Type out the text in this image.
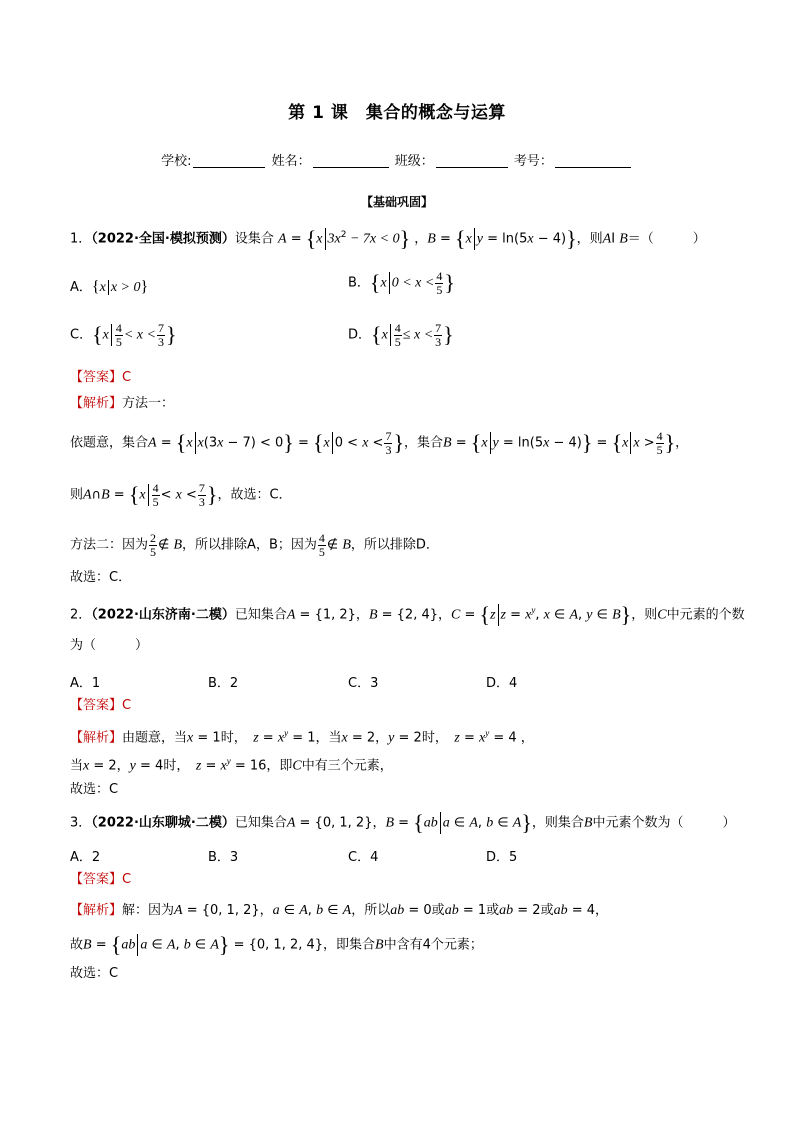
第 1 课　集合的概念与运算
学校:	姓名：	班级：	考号：
【基础巩固】
1．（2022·全国·模拟预测）设集合 A = {x $3x^2 - 7x < 0$} ，B = {x y = ln(5x − 4)}，则AI B＝（　　　）
A．{x x > 0}	B．{x $0 < x < \frac{4}{5}$ }
C．{$x \frac{4}{5} < x < \frac{7}{3}$ }	D．{$x \frac{4}{5} \le x < \frac{7}{3}$ }
【答案】C
【解析】方法一：
依题意，集合A = {x x(3x − 7) < 0} = {x $0 < x < \frac{7}{3}$ }，集合B = {x y = ln(5x − 4)} = {x $x > \frac{4}{5}$ }，
则A∩B = {$x \frac{4}{5} < x < \frac{7}{3}$ }，故选：C．
方法二：因为 $\frac{2}{5}$ ∉ B，所以排除A，B；因为 $\frac{4}{5}$ ∉ B，所以排除D．
故选：C．
2．（2022·山东济南·二模）已知集合A = {1, 2}，B = {2, 4}，C = {z $z = x^y$, x ∈ A, y ∈ B}，则C中元素的个数
为（　　　）
A．1	B．2	C．3	D．4
【答案】C
【解析】由题意，当x = 1时，　 $z = x^y = 1$，当x = 2，y = 2时，　 $z = x^y = 4$ ，
当x = 2，y = 4时，　 $z = x^y = 16$，即C中有三个元素，
故选：C
3．（2022·山东聊城·二模）已知集合A = {0, 1, 2}，B = {ab a ∈ A, b ∈ A}，则集合B中元素个数为（　　　）
A．2	B．3	C．4	D．5
【答案】C
【解析】解：因为A = {0, 1, 2}，a ∈ A, b ∈ A，所以ab = 0或ab = 1或ab = 2或ab = 4，
故B = {ab a ∈ A, b ∈ A} = {0, 1, 2, 4}，即集合B中含有4个元素；
故选：C
